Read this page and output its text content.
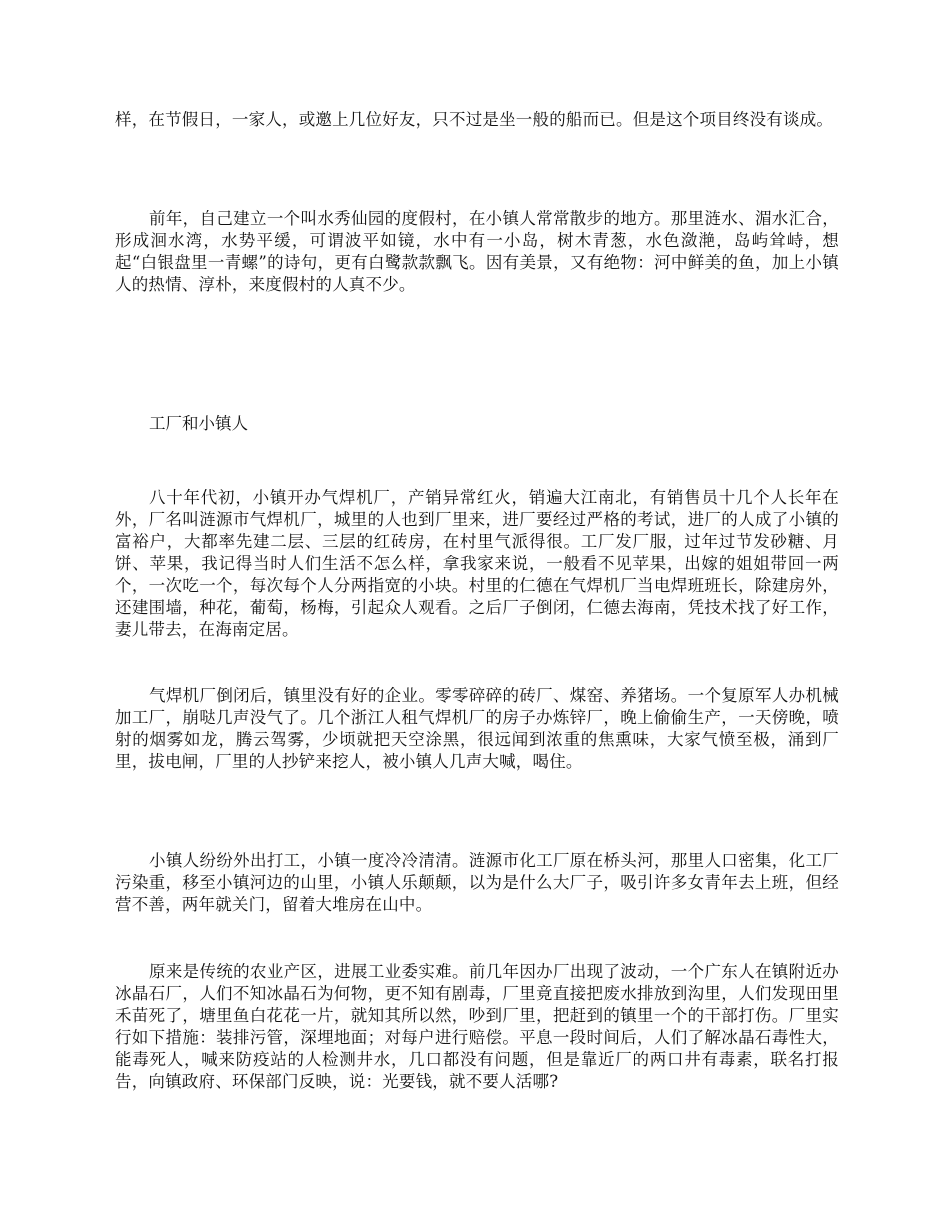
样，在节假日，一家人，或邀上几位好友，只不过是坐一般的船而已。但是这个项目终没有谈成。

前年，自己建立一个叫水秀仙园的度假村，在小镇人常常散步的地方。那里涟水、湄水汇合，形成洄水湾，水势平缓，可谓波平如镜，水中有一小岛，树木青葱，水色潋滟，岛屿耸峙，想起“白银盘里一青螺”的诗句，更有白鹭款款飘飞。因有美景，又有绝物：河中鲜美的鱼，加上小镇人的热情、淳朴，来度假村的人真不少。

工厂和小镇人

八十年代初，小镇开办气焊机厂，产销异常红火，销遍大江南北，有销售员十几个人长年在外，厂名叫涟源市气焊机厂，城里的人也到厂里来，进厂要经过严格的考试，进厂的人成了小镇的富裕户，大都率先建二层、三层的红砖房，在村里气派得很。工厂发厂服，过年过节发砂糖、月饼、苹果，我记得当时人们生活不怎么样，拿我家来说，一般看不见苹果，出嫁的姐姐带回一两个，一次吃一个，每次每个人分两指宽的小块。村里的仁德在气焊机厂当电焊班班长，除建房外，还建围墙，种花，葡萄，杨梅，引起众人观看。之后厂子倒闭，仁德去海南，凭技术找了好工作，妻儿带去，在海南定居。

气焊机厂倒闭后，镇里没有好的企业。零零碎碎的砖厂、煤窑、养猪场。一个复原军人办机械加工厂，崩哒几声没气了。几个浙江人租气焊机厂的房子办炼锌厂，晚上偷偷生产，一天傍晚，喷射的烟雾如龙，腾云驾雾，少顷就把天空涂黑，很远闻到浓重的焦熏味，大家气愤至极，涌到厂里，拔电闸，厂里的人抄铲来挖人，被小镇人几声大喊，喝住。

小镇人纷纷外出打工，小镇一度冷冷清清。涟源市化工厂原在桥头河，那里人口密集，化工厂污染重，移至小镇河边的山里，小镇人乐颠颠，以为是什么大厂子，吸引许多女青年去上班，但经营不善，两年就关门，留着大堆房在山中。

原来是传统的农业产区，进展工业委实难。前几年因办厂出现了波动，一个广东人在镇附近办冰晶石厂，人们不知冰晶石为何物，更不知有剧毒，厂里竟直接把废水排放到沟里，人们发现田里禾苗死了，塘里鱼白花花一片，就知其所以然，吵到厂里，把赶到的镇里一个的干部打伤。厂里实行如下措施：装排污管，深埋地面；对每户进行赔偿。平息一段时间后，人们了解冰晶石毒性大，能毒死人，喊来防疫站的人检测井水，几口都没有问题，但是靠近厂的两口井有毒素，联名打报告，向镇政府、环保部门反映，说：光要钱，就不要人活哪?
